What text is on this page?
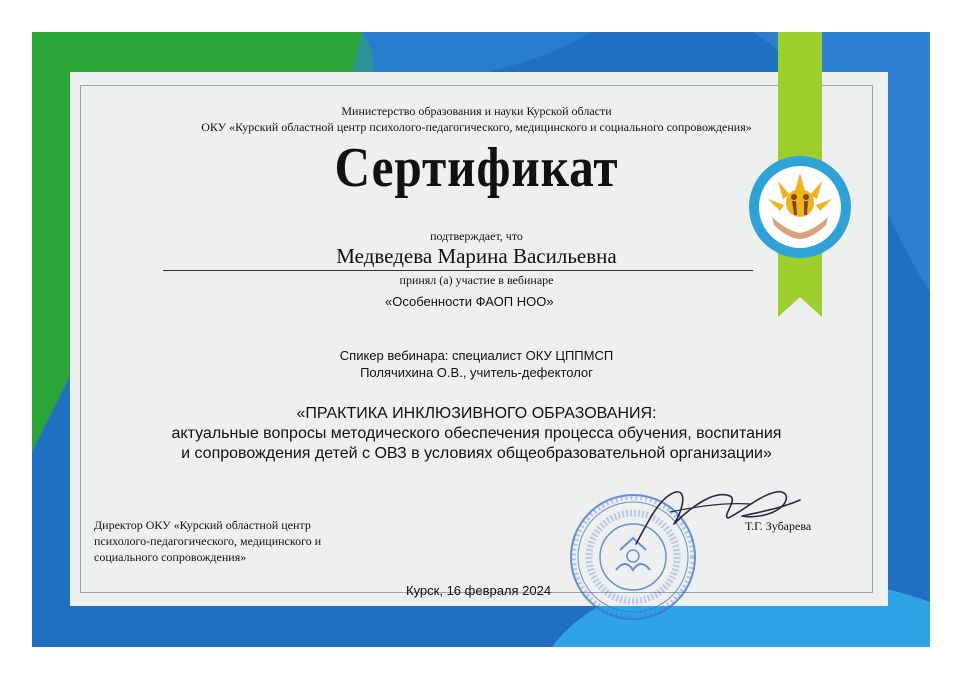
Министерство образования и науки Курской области
ОКУ «Курский областной центр психолого-педагогического, медицинского и социального сопровождения»
Сертификат
подтверждает, что
Медведева Марина Васильевна
принял (а) участие в вебинаре
«Особенности ФАОП НОО»
Спикер вебинара: специалист ОКУ ЦППМСП
Полячихина О.В., учитель-дефектолог
«ПРАКТИКА ИНКЛЮЗИВНОГО ОБРАЗОВАНИЯ:
актуальные вопросы методического обеспечения процесса обучения, воспитания
и сопровождения детей с ОВЗ в условиях общеобразовательной организации»
Директор ОКУ «Курский областной центр
психолого-педагогического, медицинского и
социального сопровождения»
Т.Г. Зубарева
Курск, 16 февраля 2024
